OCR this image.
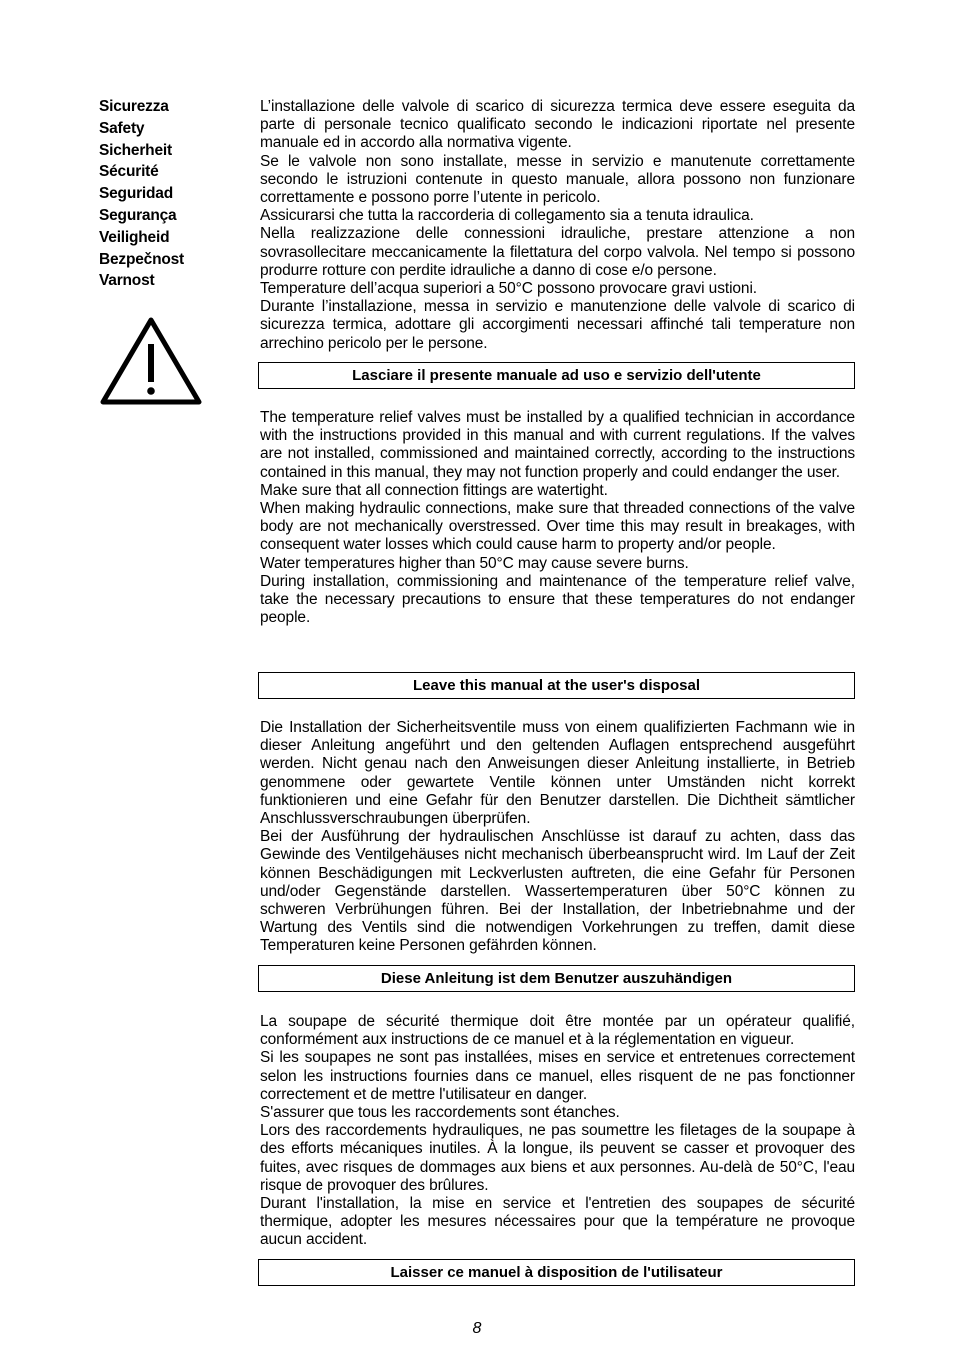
Sicurezza
Safety
Sicherheit
Sécurité
Seguridad
Segurança
Veiligheid
Bezpečnost
Varnost

L’installazione delle valvole di scarico di sicurezza termica deve essere eseguita da parte di personale tecnico qualificato secondo le indicazioni riportate nel presente manuale ed in accordo alla normativa vigente.

Se le valvole non sono installate, messe in servizio e manutenute correttamente secondo le istruzioni contenute in questo manuale, allora possono non funzionare correttamente e possono porre l’utente in pericolo.

Assicurarsi che tutta la raccorderia di collegamento sia a tenuta idraulica.

Nella realizzazione delle connessioni idrauliche, prestare attenzione a non sovrasollecitare meccanicamente la filettatura del corpo valvola. Nel tempo si possono produrre rotture con perdite idrauliche a danno di cose e/o persone.

Temperature dell’acqua superiori a 50°C possono provocare gravi ustioni.

Durante l’installazione, messa in servizio e manutenzione delle valvole di scarico di sicurezza termica, adottare gli accorgimenti necessari affinché tali temperature non arrechino pericolo per le persone.

Lasciare il presente manuale ad uso e servizio dell'utente

The temperature relief valves must be installed by a qualified technician in accordance with the instructions provided in this manual and with current regulations. If the valves are not installed, commissioned and maintained correctly, according to the instructions contained in this manual, they may not function properly and could endanger the user.

Make sure that all connection fittings are watertight.

When making hydraulic connections, make sure that threaded connections of the valve body are not mechanically overstressed. Over time this may result in breakages, with consequent water losses which could cause harm to property and/or people.

Water temperatures higher than 50°C may cause severe burns.

During installation, commissioning and maintenance of the temperature relief valve, take the necessary precautions to ensure that these temperatures do not endanger people.

Leave this manual at the user's disposal

Die Installation der Sicherheitsventile muss von einem qualifizierten Fachmann wie in dieser Anleitung angeführt und den geltenden Auflagen entsprechend ausgeführt werden. Nicht genau nach den Anweisungen dieser Anleitung installierte, in Betrieb genommene oder gewartete Ventile können unter Umständen nicht korrekt funktionieren und eine Gefahr für den Benutzer darstellen. Die Dichtheit sämtlicher Anschlussverschraubungen überprüfen.

Bei der Ausführung der hydraulischen Anschlüsse ist darauf zu achten, dass das Gewinde des Ventilgehäuses nicht mechanisch überbeansprucht wird. Im Lauf der Zeit können Beschädigungen mit Leckverlusten auftreten, die eine Gefahr für Personen und/oder Gegenstände darstellen. Wassertemperaturen über 50°C können zu schweren Verbrühungen führen. Bei der Installation, der Inbetriebnahme und der Wartung des Ventils sind die notwendigen Vorkehrungen zu treffen, damit diese Temperaturen keine Personen gefährden können.

Diese Anleitung ist dem Benutzer auszuhändigen

La soupape de sécurité thermique doit être montée par un opérateur qualifié, conformément aux instructions de ce manuel et à la réglementation en vigueur.

Si les soupapes ne sont pas installées, mises en service et entretenues correctement selon les instructions fournies dans ce manuel, elles risquent de ne pas fonctionner correctement et de mettre l'utilisateur en danger.

S'assurer que tous les raccordements sont étanches.

Lors des raccordements hydrauliques, ne pas soumettre les filetages de la soupape à des efforts mécaniques inutiles. À la longue, ils peuvent se casser et provoquer des fuites, avec risques de dommages aux biens et aux personnes. Au-delà de 50°C, l'eau risque de provoquer des brûlures.

Durant l'installation, la mise en service et l'entretien des soupapes de sécurité thermique, adopter les mesures nécessaires pour que la température ne provoque aucun accident.

Laisser ce manuel à disposition de l'utilisateur
8
